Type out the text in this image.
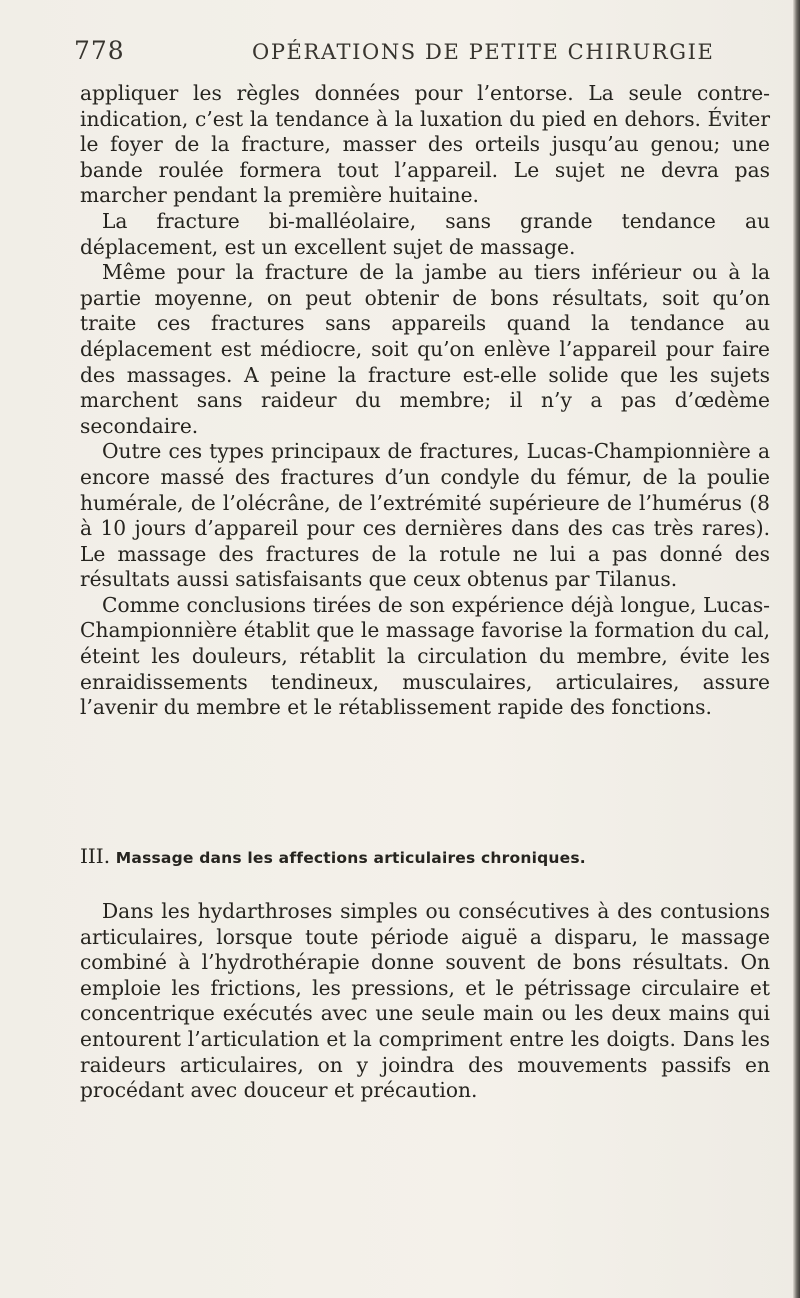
778	OPÉRATIONS DE PETITE CHIRURGIE

appliquer les règles données pour l’entorse. La seule contre-indication, c’est la tendance à la luxation du pied en dehors. Éviter le foyer de la fracture, masser des orteils jusqu’au genou; une bande roulée formera tout l’appareil. Le sujet ne devra pas marcher pendant la première huitaine.

La fracture bi-malléolaire, sans grande tendance au déplacement, est un excellent sujet de massage.

Même pour la fracture de la jambe au tiers inférieur ou à la partie moyenne, on peut obtenir de bons résultats, soit qu’on traite ces fractures sans appareils quand la tendance au déplacement est médiocre, soit qu’on enlève l’appareil pour faire des massages. A peine la fracture est-elle solide que les sujets marchent sans raideur du membre; il n’y a pas d’œdème secondaire.

Outre ces types principaux de fractures, Lucas-Championnière a encore massé des fractures d’un condyle du fémur, de la poulie humérale, de l’olécrâne, de l’extrémité supérieure de l’humérus (8 à 10 jours d’appareil pour ces dernières dans des cas très rares). Le massage des fractures de la rotule ne lui a pas donné des résultats aussi satisfaisants que ceux obtenus par Tilanus.

Comme conclusions tirées de son expérience déjà longue, Lucas-Championnière établit que le massage favorise la formation du cal, éteint les douleurs, rétablit la circulation du membre, évite les enraidissements tendineux, musculaires, articulaires, assure l’avenir du membre et le rétablissement rapide des fonctions.

III. Massage dans les affections articulaires chroniques.

Dans les hydarthroses simples ou consécutives à des contusions articulaires, lorsque toute période aiguë a disparu, le massage combiné à l’hydrothérapie donne souvent de bons résultats. On emploie les frictions, les pressions, et le pétrissage circulaire et concentrique exécutés avec une seule main ou les deux mains qui entourent l’articulation et la compriment entre les doigts. Dans les raideurs articulaires, on y joindra des mouvements passifs en procédant avec douceur et précaution.
